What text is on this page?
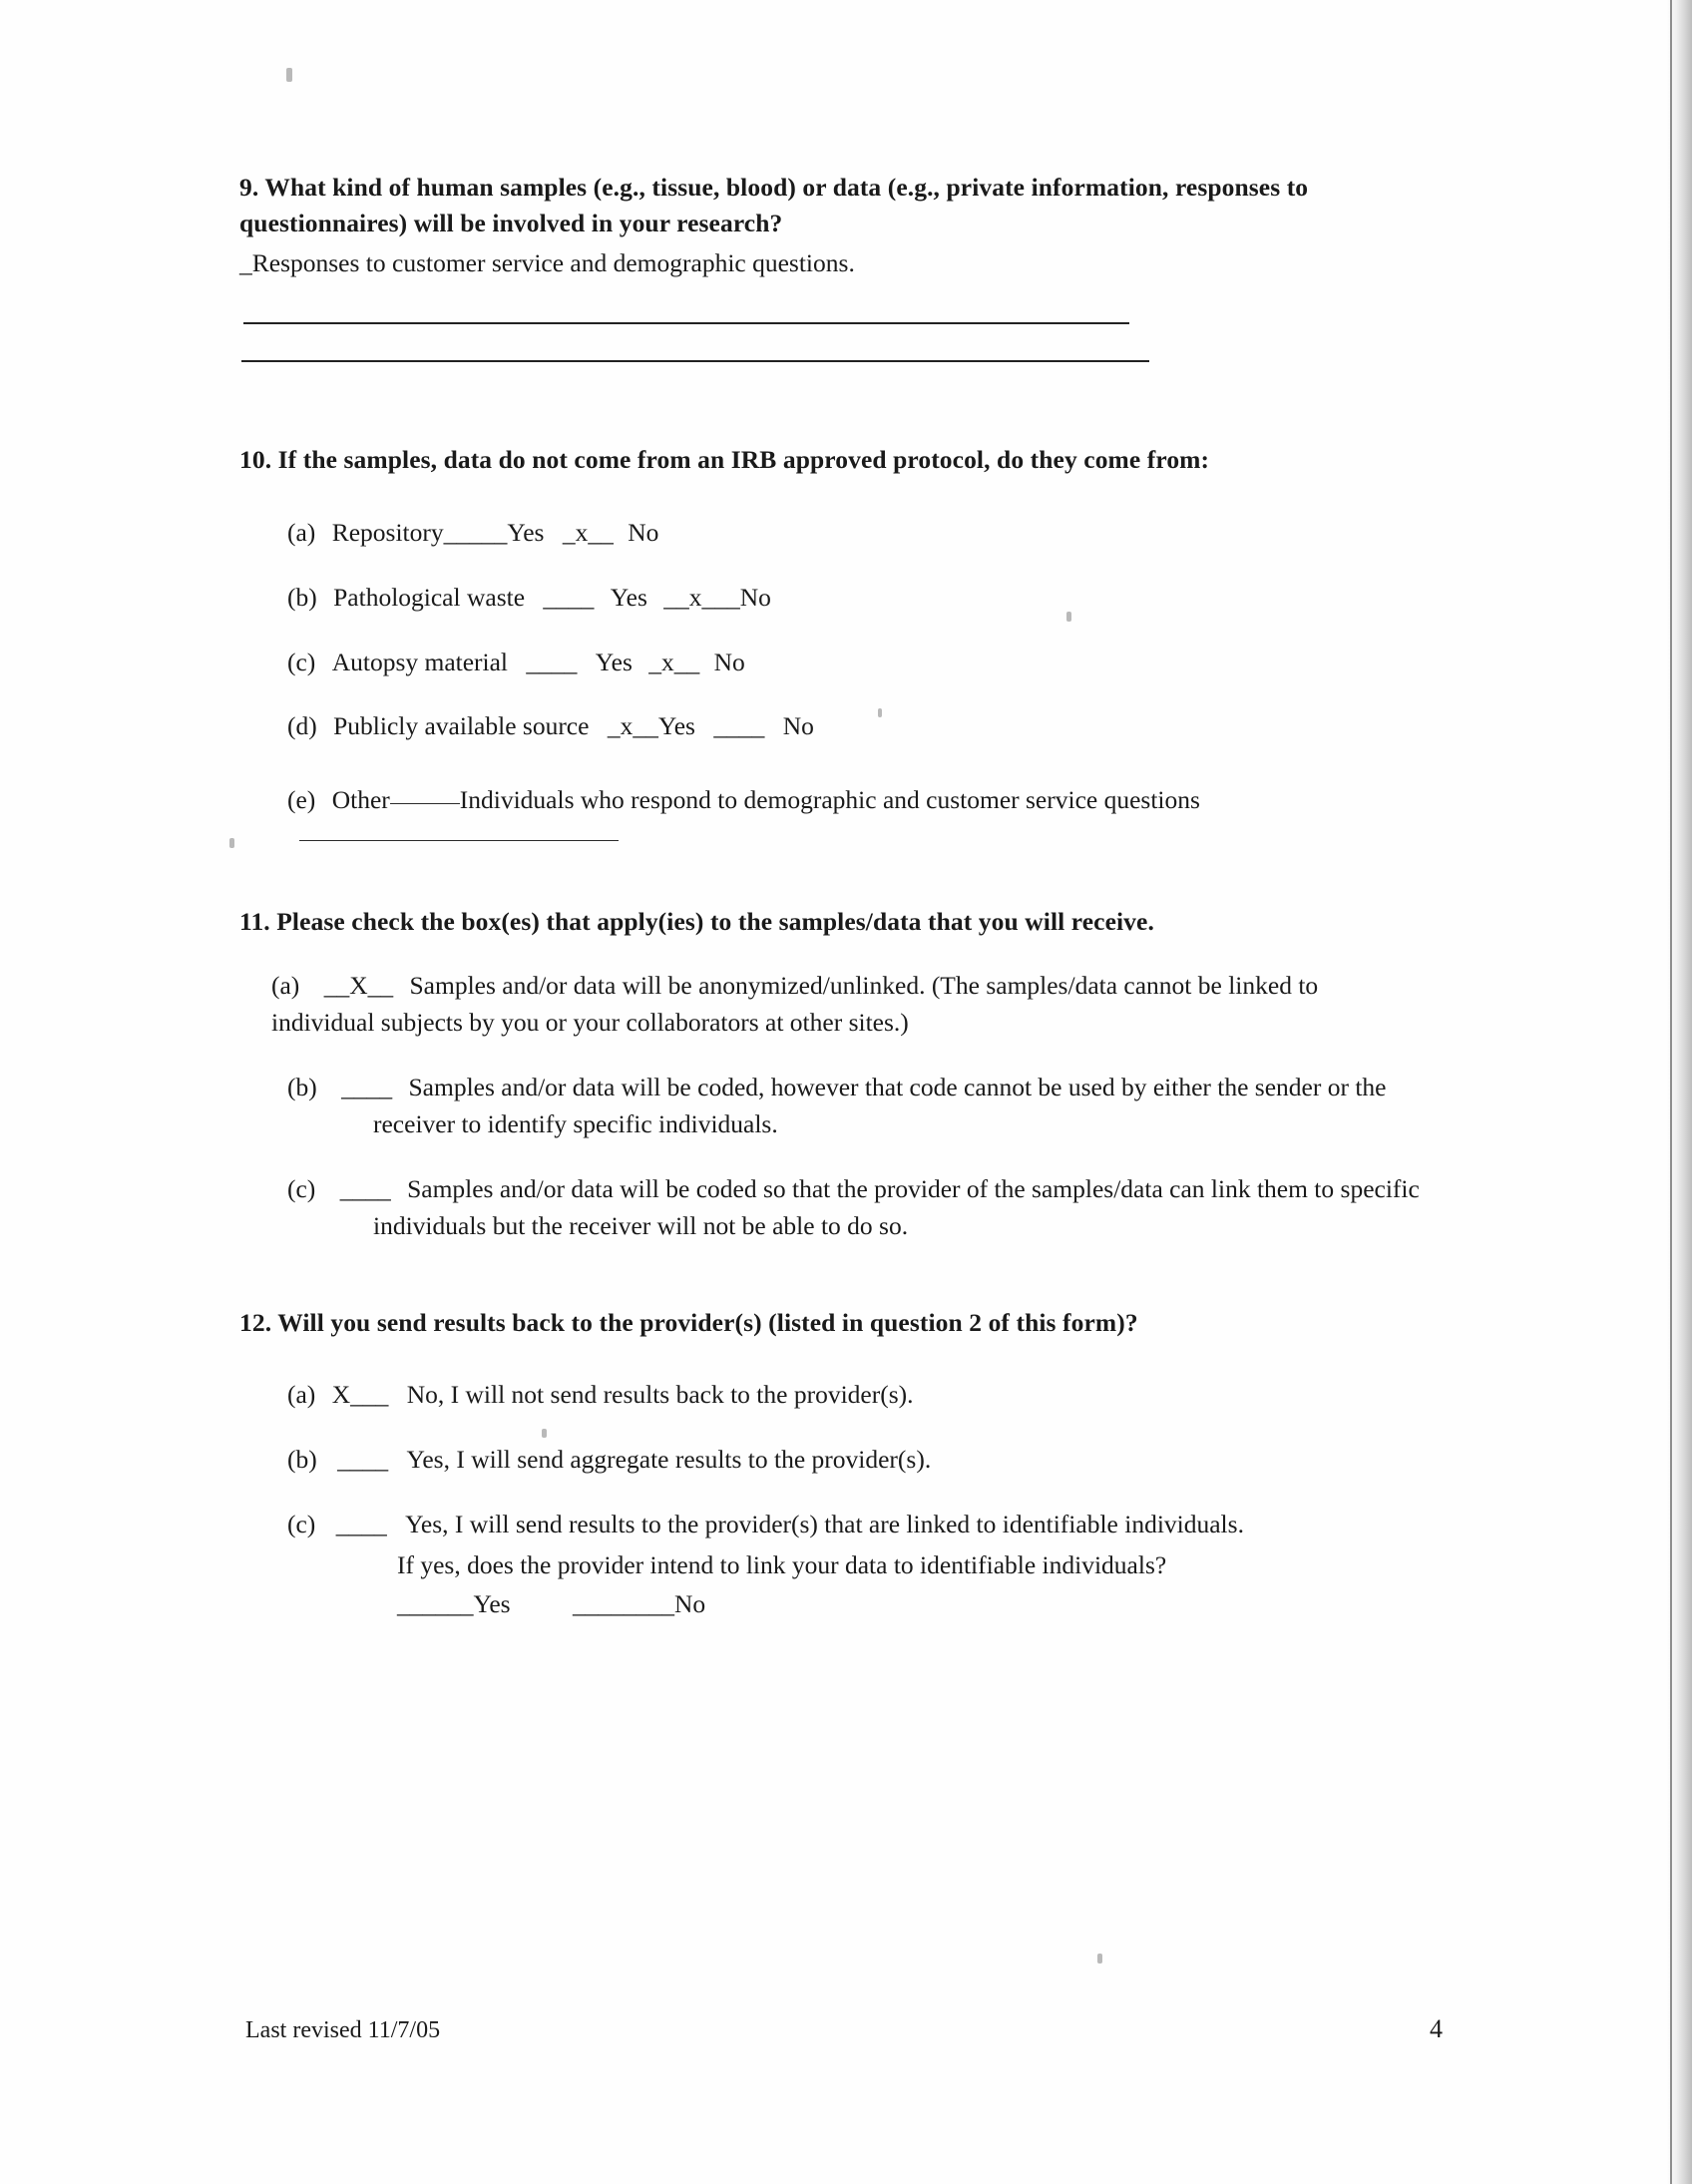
9. What kind of human samples (e.g., tissue, blood) or data (e.g., private information, responses to questionnaires) will be involved in your research?
_Responses to customer service and demographic questions.
10. If the samples, data do not come from an IRB approved protocol, do they come from:
(a) Repository_____Yes _x__ No
(b) Pathological waste ____ Yes __x___No
(c) Autopsy material ____ Yes _x__ No
(d) Publicly available source _x__Yes ____ No
(e) Other	Individuals who respond to demographic and customer service questions
11. Please check the box(es) that apply(ies) to the samples/data that you will receive.
(a) __X__ Samples and/or data will be anonymized/unlinked. (The samples/data cannot be linked to individual subjects by you or your collaborators at other sites.)
(b) ____ Samples and/or data will be coded, however that code cannot be used by either the sender or the receiver to identify specific individuals.
(c) ____ Samples and/or data will be coded so that the provider of the samples/data can link them to specific individuals but the receiver will not be able to do so.
12. Will you send results back to the provider(s) (listed in question 2 of this form)?
(a) X___ No, I will not send results back to the provider(s).
(b) ____ Yes, I will send aggregate results to the provider(s).
(c) ____ Yes, I will send results to the provider(s) that are linked to identifiable individuals.
If yes, does the provider intend to link your data to identifiable individuals?
______Yes ________No
Last revised 11/7/05	4
